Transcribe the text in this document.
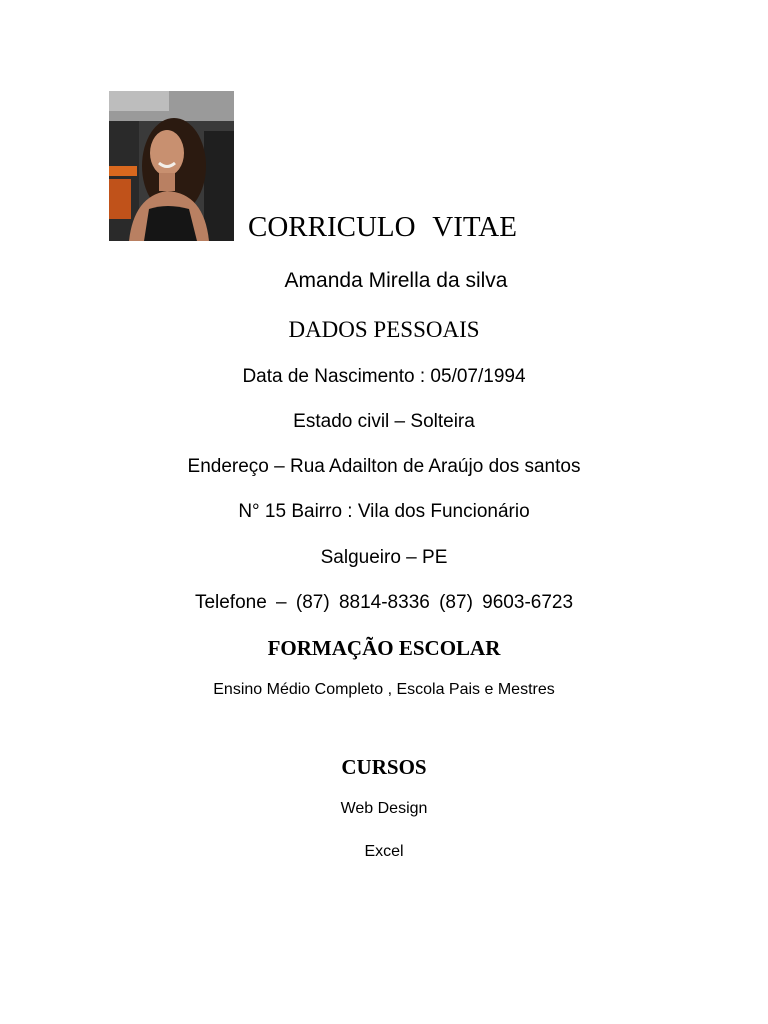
CORRICULO VITAE
Amanda Mirella da silva
DADOS PESSOAIS
Data de Nascimento : 05/07/1994
Estado civil – Solteira
Endereço – Rua Adailton de Araújo dos santos
N° 15 Bairro : Vila dos Funcionário
Salgueiro – PE
Telefone – (87) 8814-8336 (87) 9603-6723
FORMAÇÃO ESCOLAR
Ensino Médio Completo , Escola Pais e Mestres
CURSOS
Web Design
Excel
